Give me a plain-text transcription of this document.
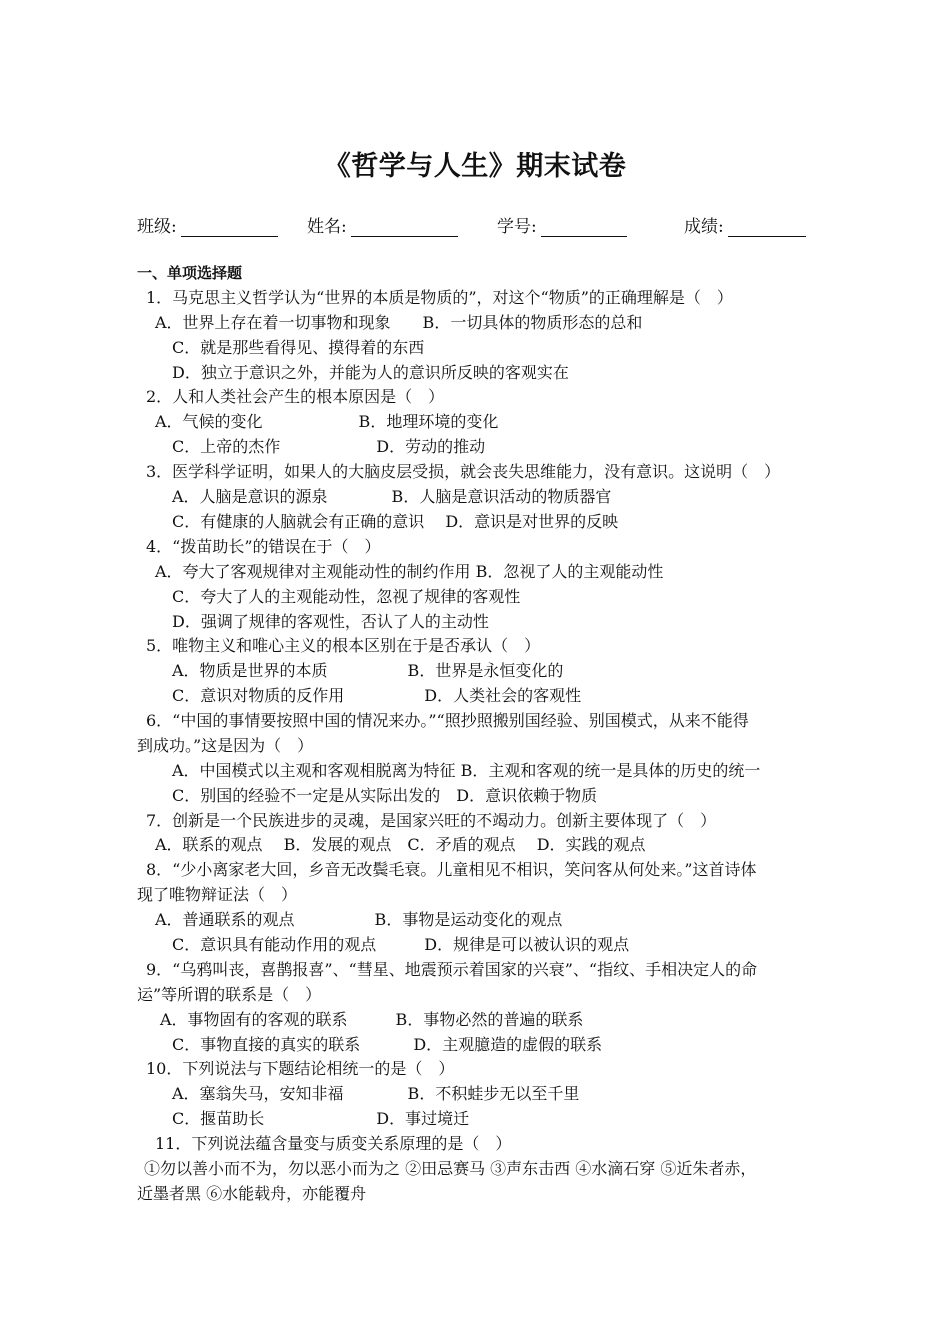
《哲学与人生》期末试卷
班级:	姓名:	学号:	成绩:
一、单项选择题
1．马克思主义哲学认为“世界的本质是物质的”，对这个“物质”的正确理解是（　）
A．世界上存在着一切事物和现象　　B．一切具体的物质形态的总和
C．就是那些看得见、摸得着的东西
D．独立于意识之外，并能为人的意识所反映的客观实在
2．人和人类社会产生的根本原因是（　）
A．气候的变化　　　　　　B．地理环境的变化
C．上帝的杰作　　　　　　D．劳动的推动
3．医学科学证明，如果人的大脑皮层受损，就会丧失思维能力，没有意识。这说明（　）
A．人脑是意识的源泉　　　　B．人脑是意识活动的物质器官
C．有健康的人脑就会有正确的意识　 D．意识是对世界的反映
4．“拨苗助长”的错误在于（　）
A．夸大了客观规律对主观能动性的制约作用 B．忽视了人的主观能动性
C．夸大了人的主观能动性，忽视了规律的客观性
D．强调了规律的客观性，否认了人的主动性
5．唯物主义和唯心主义的根本区别在于是否承认（　）
A．物质是世界的本质　　　　　B．世界是永恒变化的
C．意识对物质的反作用　　　　　D．人类社会的客观性
6．“中国的事情要按照中国的情况来办。”“照抄照搬别国经验、别国模式，从来不能得
到成功。”这是因为（　）
A．中国模式以主观和客观相脱离为特征 B．主观和客观的统一是具体的历史的统一
C．别国的经验不一定是从实际出发的　D．意识依赖于物质
7．创新是一个民族进步的灵魂，是国家兴旺的不竭动力。创新主要体现了（　）
A．联系的观点　 B．发展的观点　C．矛盾的观点　 D．实践的观点
8．“少小离家老大回，乡音无改鬓毛衰。儿童相见不相识，笑问客从何处来。”这首诗体
现了唯物辩证法（　）
A．普通联系的观点　　　　　B．事物是运动变化的观点
C．意识具有能动作用的观点　　　D．规律是可以被认识的观点
9．“乌鸦叫丧，喜鹊报喜”、“彗星、地震预示着国家的兴衰”、“指纹、手相决定人的命
运”等所谓的联系是（　）
A．事物固有的客观的联系　　　B．事物必然的普遍的联系
C．事物直接的真实的联系　　　 D．主观臆造的虚假的联系
10．下列说法与下题结论相统一的是（　）
A．塞翁失马，安知非福　　　　B．不积蛙步无以至千里
C．揠苗助长　　　　　　　D．事过境迁
11．下列说法蕴含量变与质变关系原理的是（　）
①勿以善小而不为，勿以恶小而为之 ②田忌赛马 ③声东击西 ④水滴石穿 ⑤近朱者赤，
近墨者黑 ⑥水能载舟，亦能覆舟
